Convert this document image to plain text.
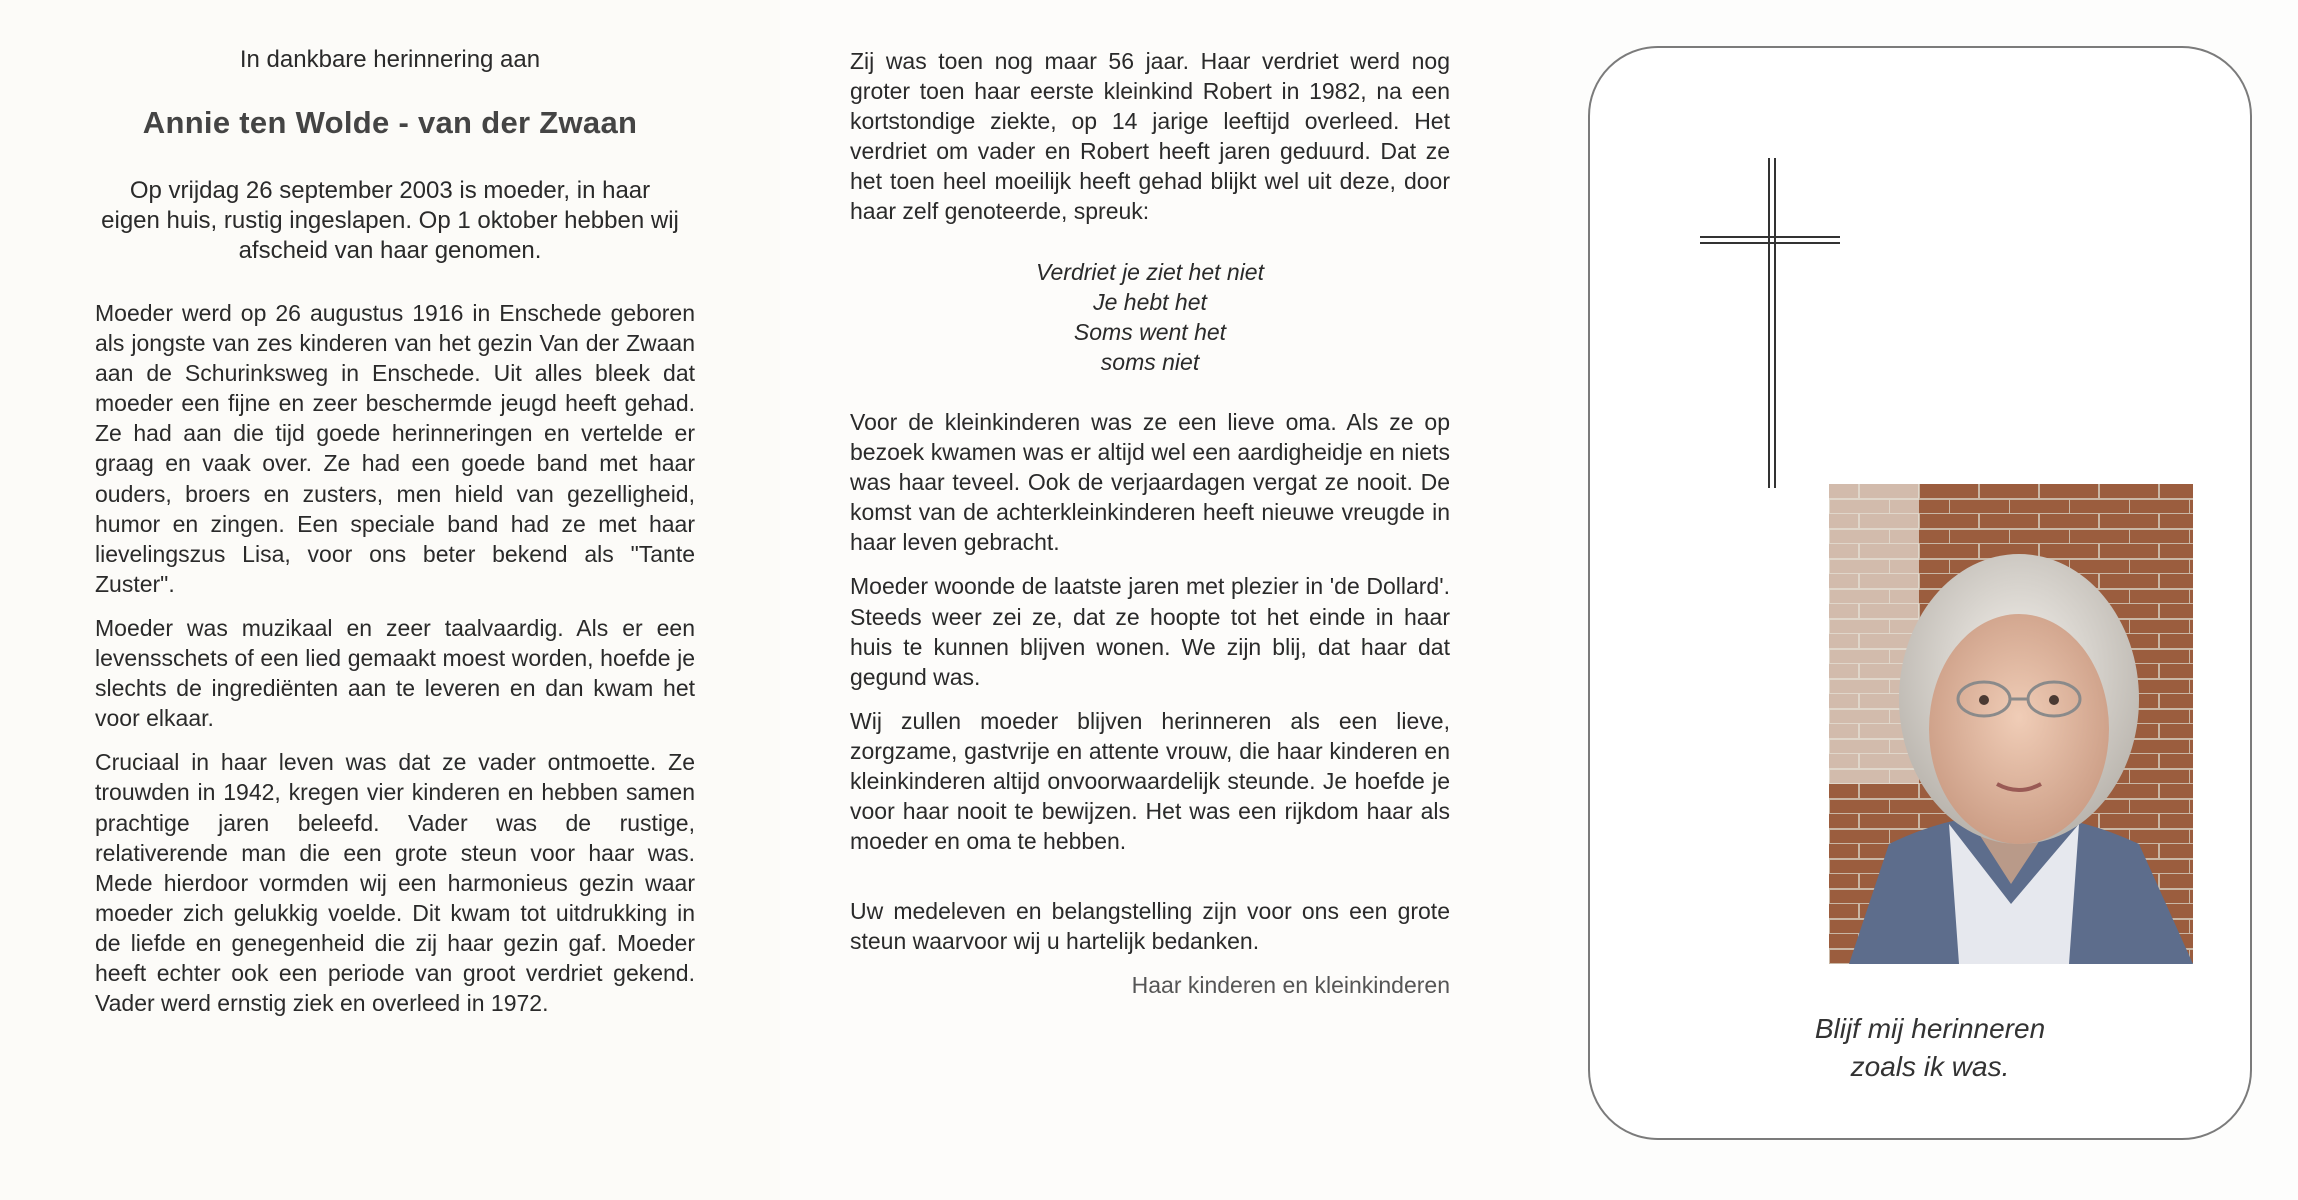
In dankbare herinnering aan
Annie ten Wolde - van der Zwaan
Op vrijdag 26 september 2003 is moeder, in haar eigen huis, rustig ingeslapen. Op 1 oktober hebben wij afscheid van haar genomen.

Moeder werd op 26 augustus 1916 in Enschede geboren als jongste van zes kinderen van het gezin Van der Zwaan aan de Schurinksweg in Enschede. Uit alles bleek dat moeder een fijne en zeer beschermde jeugd heeft gehad. Ze had aan die tijd goede herinneringen en vertelde er graag en vaak over. Ze had een goede band met haar ouders, broers en zusters, men hield van gezelligheid, humor en zingen. Een speciale band had ze met haar lievelingszus Lisa, voor ons beter bekend als "Tante Zuster".

Moeder was muzikaal en zeer taalvaardig. Als er een levensschets of een lied gemaakt moest worden, hoefde je slechts de ingrediënten aan te leveren en dan kwam het voor elkaar.

Cruciaal in haar leven was dat ze vader ontmoette. Ze trouwden in 1942, kregen vier kinderen en hebben samen prachtige jaren beleefd. Vader was de rustige, relativerende man die een grote steun voor haar was. Mede hierdoor vormden wij een harmonieus gezin waar moeder zich gelukkig voelde. Dit kwam tot uitdrukking in de liefde en genegenheid die zij haar gezin gaf. Moeder heeft echter ook een periode van groot verdriet gekend. Vader werd ernstig ziek en overleed in 1972.

Zij was toen nog maar 56 jaar. Haar verdriet werd nog groter toen haar eerste kleinkind Robert in 1982, na een kortstondige ziekte, op 14 jarige leeftijd overleed. Het verdriet om vader en Robert heeft jaren geduurd. Dat ze het toen heel moeilijk heeft gehad blijkt wel uit deze, door haar zelf genoteerde, spreuk:

Verdriet je ziet het niet
Je hebt het
Soms went het
soms niet

Voor de kleinkinderen was ze een lieve oma. Als ze op bezoek kwamen was er altijd wel een aardigheidje en niets was haar teveel. Ook de verjaardagen vergat ze nooit. De komst van de achterkleinkinderen heeft nieuwe vreugde in haar leven gebracht.

Moeder woonde de laatste jaren met plezier in 'de Dollard'. Steeds weer zei ze, dat ze hoopte tot het einde in haar huis te kunnen blijven wonen. We zijn blij, dat haar dat gegund was.

Wij zullen moeder blijven herinneren als een lieve, zorgzame, gastvrije en attente vrouw, die haar kinderen en kleinkinderen altijd onvoorwaardelijk steunde. Je hoefde je voor haar nooit te bewijzen. Het was een rijkdom haar als moeder en oma te hebben.

Uw medeleven en belangstelling zijn voor ons een grote steun waarvoor wij u hartelijk bedanken.

Haar kinderen en kleinkinderen
Blijf mij herinneren
zoals ik was.
